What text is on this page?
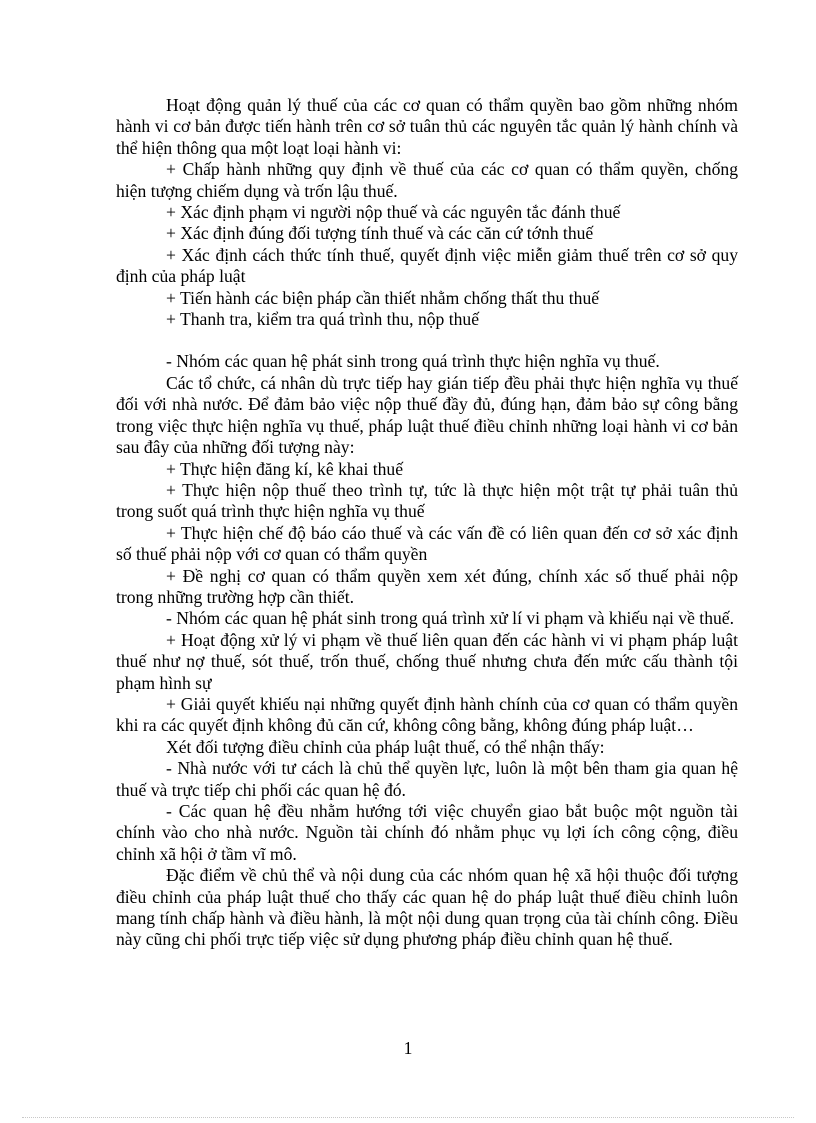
Hoạt động quản lý thuế của các cơ quan có thẩm quyền bao gồm những nhóm hành vi cơ bản được tiến hành trên cơ sở tuân thủ các nguyên tắc quản lý hành chính và thể hiện thông qua một loạt loại hành vi:

+ Chấp hành những quy định về thuế của các cơ quan có thẩm quyền, chống hiện tượng chiếm dụng và trốn lậu thuế.

+ Xác định phạm vi người nộp thuế và các nguyên tắc đánh thuế

+ Xác định đúng đối tượng tính thuế và các căn cứ tớnh thuế

+ Xác định cách thức tính thuế, quyết định việc miễn giảm thuế trên cơ sở quy định của pháp luật

+ Tiến hành các biện pháp cần thiết nhằm chống thất thu thuế

+ Thanh tra, kiểm tra quá trình thu, nộp thuế

- Nhóm các quan hệ phát sinh trong quá trình thực hiện nghĩa vụ thuế.

Các tổ chức, cá nhân dù trực tiếp hay gián tiếp đều phải thực hiện nghĩa vụ thuế đối với nhà nước. Để đảm bảo việc nộp thuế đầy đủ, đúng hạn, đảm bảo sự công bằng trong việc thực hiện nghĩa vụ thuế, pháp luật thuế điều chỉnh những loại hành vi cơ bản sau đây của những đối tượng này:

+ Thực hiện đăng kí, kê khai thuế

+ Thực hiện nộp thuế theo trình tự, tức là thực hiện một trật tự phải tuân thủ trong suốt quá trình thực hiện nghĩa vụ thuế

+ Thực hiện chế độ báo cáo thuế và các vấn đề có liên quan đến cơ sở xác định số thuế phải nộp với cơ quan có thẩm quyền

+ Đề nghị cơ quan có thẩm quyền xem xét đúng, chính xác số thuế phải nộp trong những trường hợp cần thiết.

- Nhóm các quan hệ phát sinh trong quá trình xử lí vi phạm và khiếu nại về thuế.

+ Hoạt động xử lý vi phạm về thuế liên quan đến các hành vi vi phạm pháp luật thuế như nợ thuế, sót thuế, trốn thuế, chống thuế nhưng chưa đến mức cấu thành tội phạm hình sự

+ Giải quyết khiếu nại những quyết định hành chính của cơ quan có thẩm quyền khi ra các quyết định không đủ căn cứ, không công bằng, không đúng pháp luật…

Xét đối tượng điều chỉnh của pháp luật thuế, có thể nhận thấy:

- Nhà nước với tư cách là chủ thể quyền lực, luôn là một bên tham gia quan hệ thuế và trực tiếp chi phối các quan hệ đó.

- Các quan hệ đều nhằm hướng tới việc chuyển giao bắt buộc một nguồn tài chính vào cho nhà nước. Nguồn tài chính đó nhằm phục vụ lợi ích công cộng, điều chỉnh xã hội ở tầm vĩ mô.

Đặc điểm về chủ thể và nội dung của các nhóm quan hệ xã hội thuộc đối tượng điều chỉnh của pháp luật thuế cho thấy các quan hệ do pháp luật thuế điều chỉnh luôn mang tính chấp hành và điều hành, là một nội dung quan trọng của tài chính công. Điều này cũng chi phối trực tiếp việc sử dụng phương pháp điều chỉnh quan hệ thuế.

1
